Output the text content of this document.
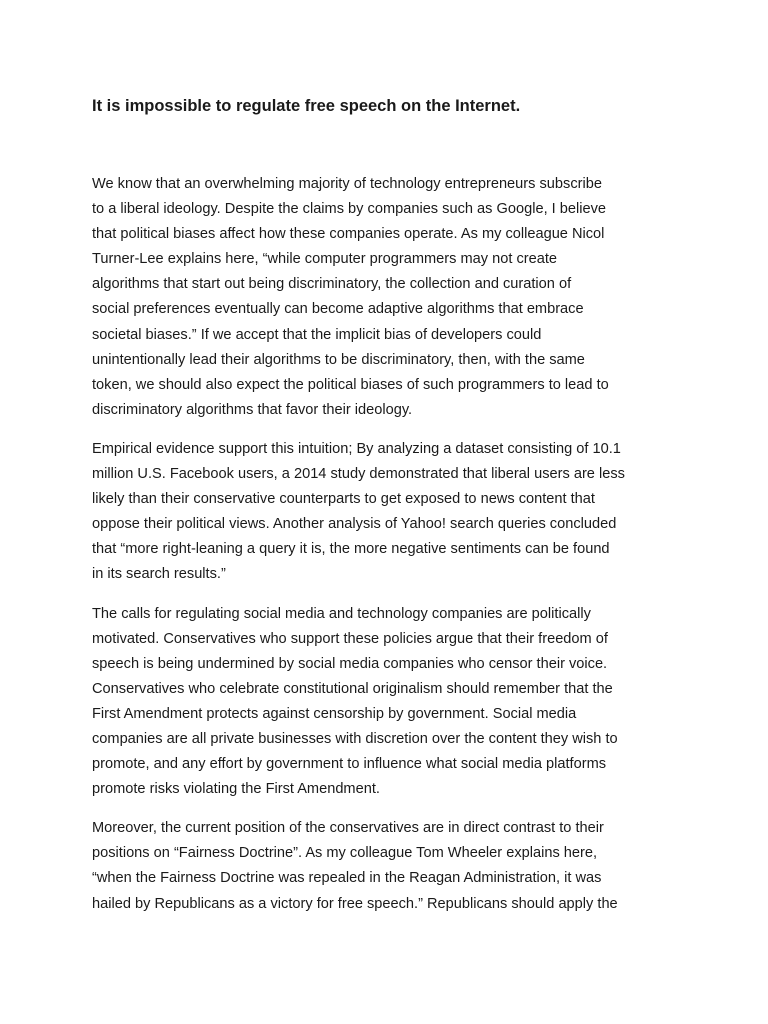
It is impossible to regulate free speech on the Internet.

We know that an overwhelming majority of technology entrepreneurs subscribe
to a liberal ideology. Despite the claims by companies such as Google, I believe
that political biases affect how these companies operate. As my colleague Nicol
Turner-Lee explains here, “while computer programmers may not create
algorithms that start out being discriminatory, the collection and curation of
social preferences eventually can become adaptive algorithms that embrace
societal biases.” If we accept that the implicit bias of developers could
unintentionally lead their algorithms to be discriminatory, then, with the same
token, we should also expect the political biases of such programmers to lead to
discriminatory algorithms that favor their ideology.

Empirical evidence support this intuition; By analyzing a dataset consisting of 10.1
million U.S. Facebook users, a 2014 study demonstrated that liberal users are less
likely than their conservative counterparts to get exposed to news content that
oppose their political views. Another analysis of Yahoo! search queries concluded
that “more right-leaning a query it is, the more negative sentiments can be found
in its search results.”

The calls for regulating social media and technology companies are politically
motivated. Conservatives who support these policies argue that their freedom of
speech is being undermined by social media companies who censor their voice.
Conservatives who celebrate constitutional originalism should remember that the
First Amendment protects against censorship by government. Social media
companies are all private businesses with discretion over the content they wish to
promote, and any effort by government to influence what social media platforms
promote risks violating the First Amendment.

Moreover, the current position of the conservatives are in direct contrast to their
positions on “Fairness Doctrine”. As my colleague Tom Wheeler explains here,
“when the Fairness Doctrine was repealed in the Reagan Administration, it was
hailed by Republicans as a victory for free speech.” Republicans should apply the
